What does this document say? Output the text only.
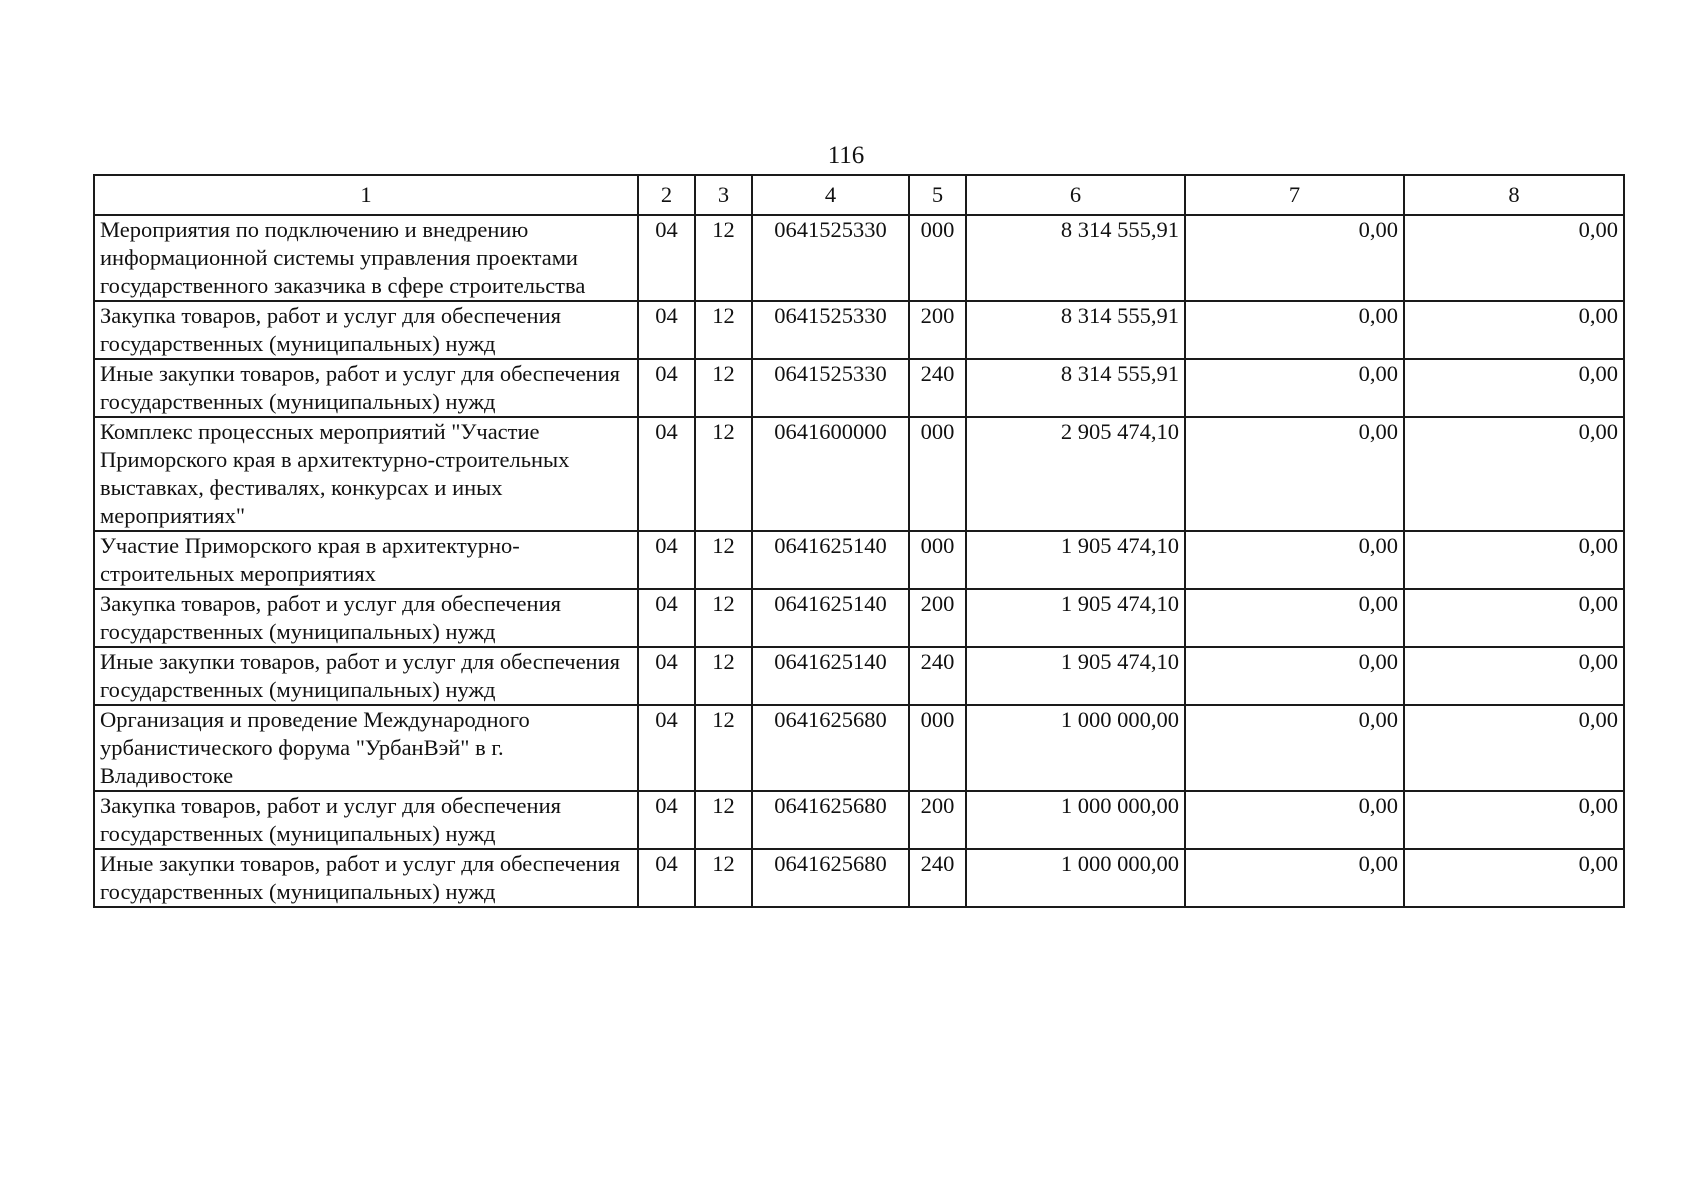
116
1	2	3	4	5	6	7	8
Мероприятия по подключению и внедрению информационной системы управления проектами государственного заказчика в сфере строительства	04	12	0641525330	000	8 314 555,91	0,00	0,00
Закупка товаров, работ и услуг для обеспечения государственных (муниципальных) нужд	04	12	0641525330	200	8 314 555,91	0,00	0,00
Иные закупки товаров, работ и услуг для обеспечения государственных (муниципальных) нужд	04	12	0641525330	240	8 314 555,91	0,00	0,00
Комплекс процессных мероприятий "Участие Приморского края в архитектурно-строительных выставках, фестивалях, конкурсах и иных мероприятиях"	04	12	0641600000	000	2 905 474,10	0,00	0,00
Участие Приморского края в архитектурно-строительных мероприятиях	04	12	0641625140	000	1 905 474,10	0,00	0,00
Закупка товаров, работ и услуг для обеспечения государственных (муниципальных) нужд	04	12	0641625140	200	1 905 474,10	0,00	0,00
Иные закупки товаров, работ и услуг для обеспечения государственных (муниципальных) нужд	04	12	0641625140	240	1 905 474,10	0,00	0,00
Организация и проведение Международного урбанистического форума "УрбанВэй" в г. Владивостоке	04	12	0641625680	000	1 000 000,00	0,00	0,00
Закупка товаров, работ и услуг для обеспечения государственных (муниципальных) нужд	04	12	0641625680	200	1 000 000,00	0,00	0,00
Иные закупки товаров, работ и услуг для обеспечения государственных (муниципальных) нужд	04	12	0641625680	240	1 000 000,00	0,00	0,00
